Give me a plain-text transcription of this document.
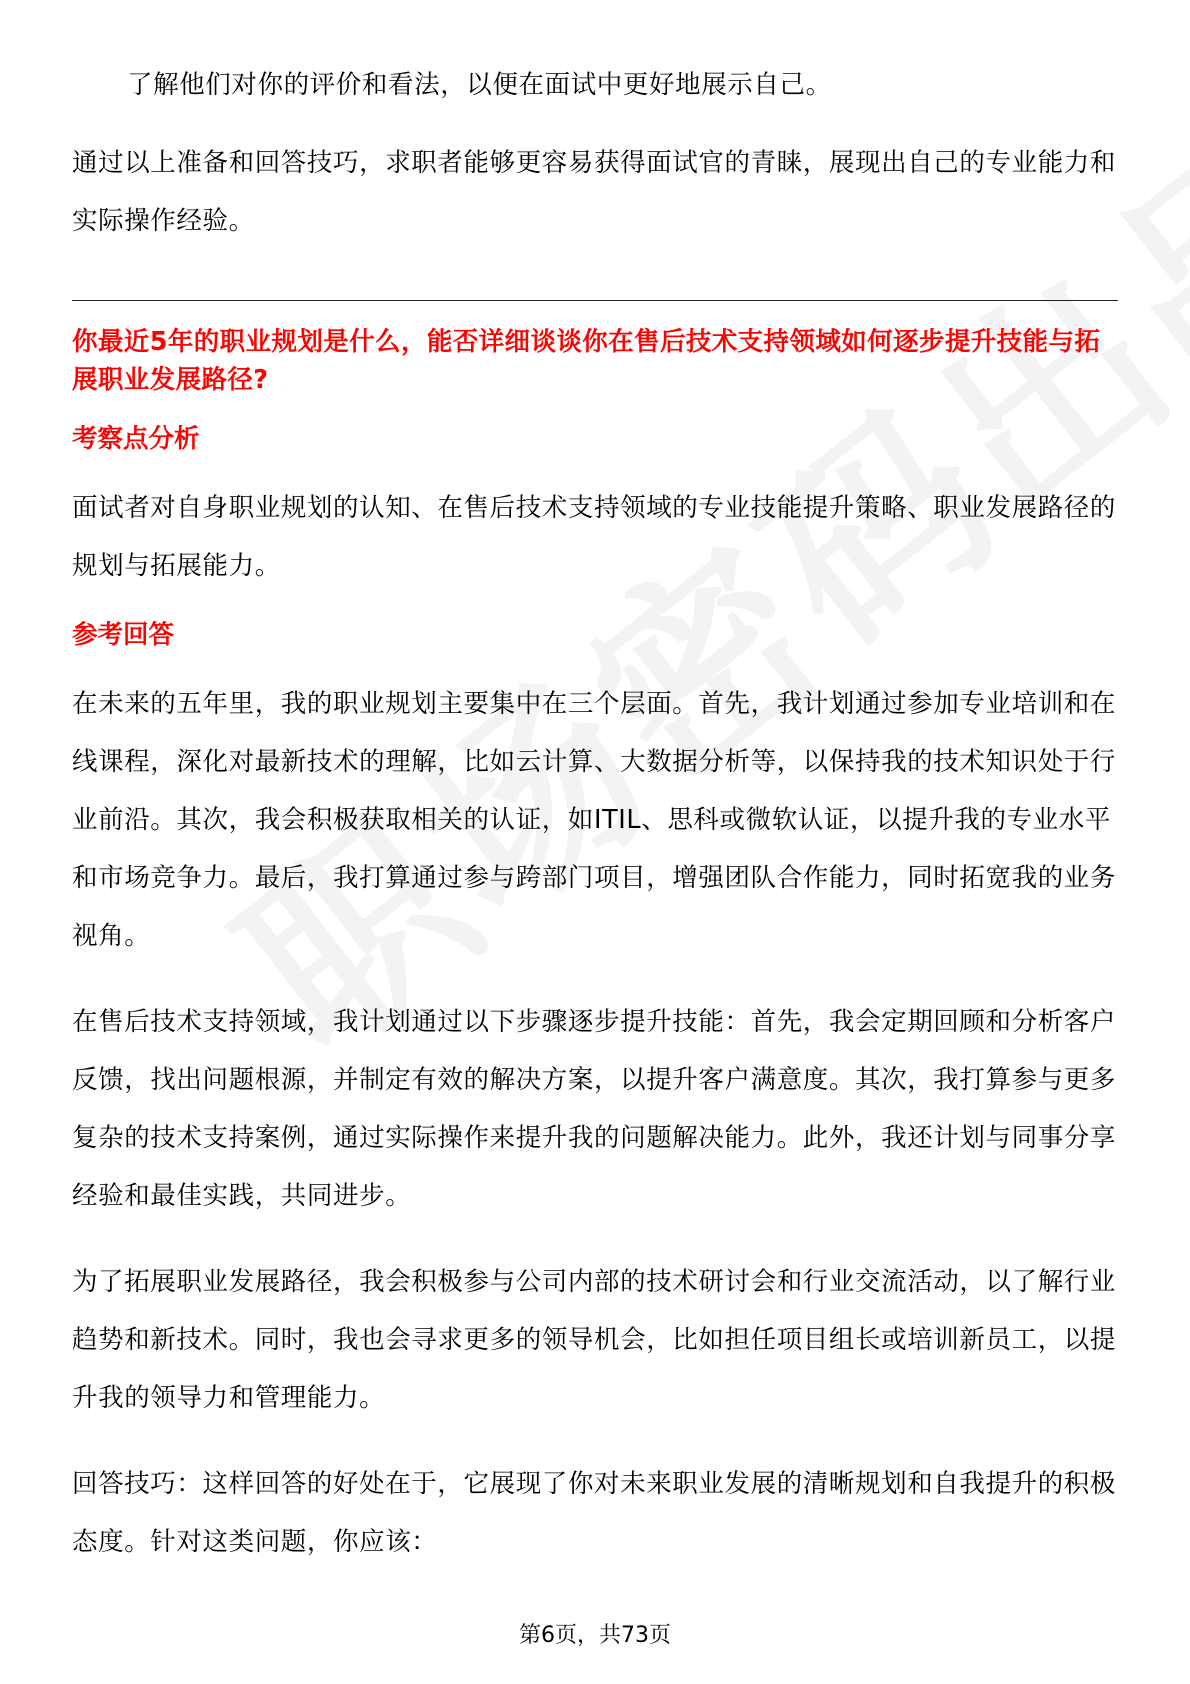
了解他们对你的评价和看法，以便在面试中更好地展示自己。

通过以上准备和回答技巧，求职者能够更容易获得面试官的青睐，展现出自己的专业能力和实际操作经验。

你最近5年的职业规划是什么，能否详细谈谈你在售后技术支持领域如何逐步提升技能与拓展职业发展路径?
考察点分析

面试者对自身职业规划的认知、在售后技术支持领域的专业技能提升策略、职业发展路径的规划与拓展能力。

参考回答

在未来的五年里，我的职业规划主要集中在三个层面。首先，我计划通过参加专业培训和在线课程，深化对最新技术的理解，比如云计算、大数据分析等，以保持我的技术知识处于行业前沿。其次，我会积极获取相关的认证，如ITIL、思科或微软认证，以提升我的专业水平和市场竞争力。最后，我打算通过参与跨部门项目，增强团队合作能力，同时拓宽我的业务视角。

在售后技术支持领域，我计划通过以下步骤逐步提升技能：首先，我会定期回顾和分析客户反馈，找出问题根源，并制定有效的解决方案，以提升客户满意度。其次，我打算参与更多复杂的技术支持案例，通过实际操作来提升我的问题解决能力。此外，我还计划与同事分享经验和最佳实践，共同进步。

为了拓展职业发展路径，我会积极参与公司内部的技术研讨会和行业交流活动，以了解行业趋势和新技术。同时，我也会寻求更多的领导机会，比如担任项目组长或培训新员工，以提升我的领导力和管理能力。

回答技巧：这样回答的好处在于，它展现了你对未来职业发展的清晰规划和自我提升的积极态度。针对这类问题，你应该：

第6页，共73页
